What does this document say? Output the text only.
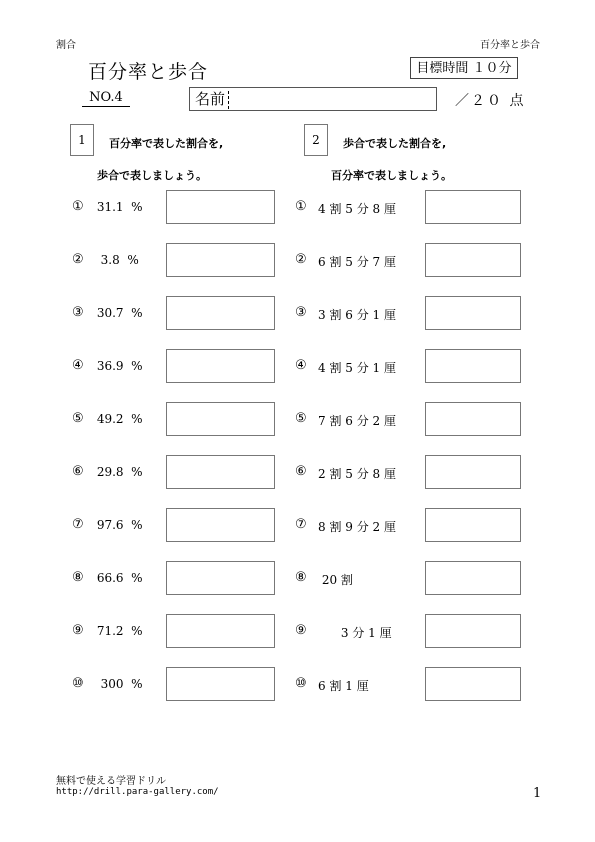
割合	百分率と歩合
百分率と歩合	目標時間 １０分
NO.4	名前	／２０ 点
1	百分率で表した割合を,
歩合で表しましょう。
2	歩合で表した割合を,
百分率で表しましょう。
① 31.1  %
② 3.8  %
③ 30.7  %
④ 36.9  %
⑤ 49.2  %
⑥ 29.8  %
⑦ 97.6  %
⑧ 66.6  %
⑨ 71.2  %
⑩ 300  %
① 4 割 5 分 8 厘
② 6 割 5 分 7 厘
③ 3 割 6 分 1 厘
④ 4 割 5 分 1 厘
⑤ 7 割 6 分 2 厘
⑥ 2 割 5 分 8 厘
⑦ 8 割 9 分 2 厘
⑧ 20 割
⑨ 3 分 1 厘
⑩ 6 割 1 厘
無料で使える学習ドリル
http://drill.para-gallery.com/	1
